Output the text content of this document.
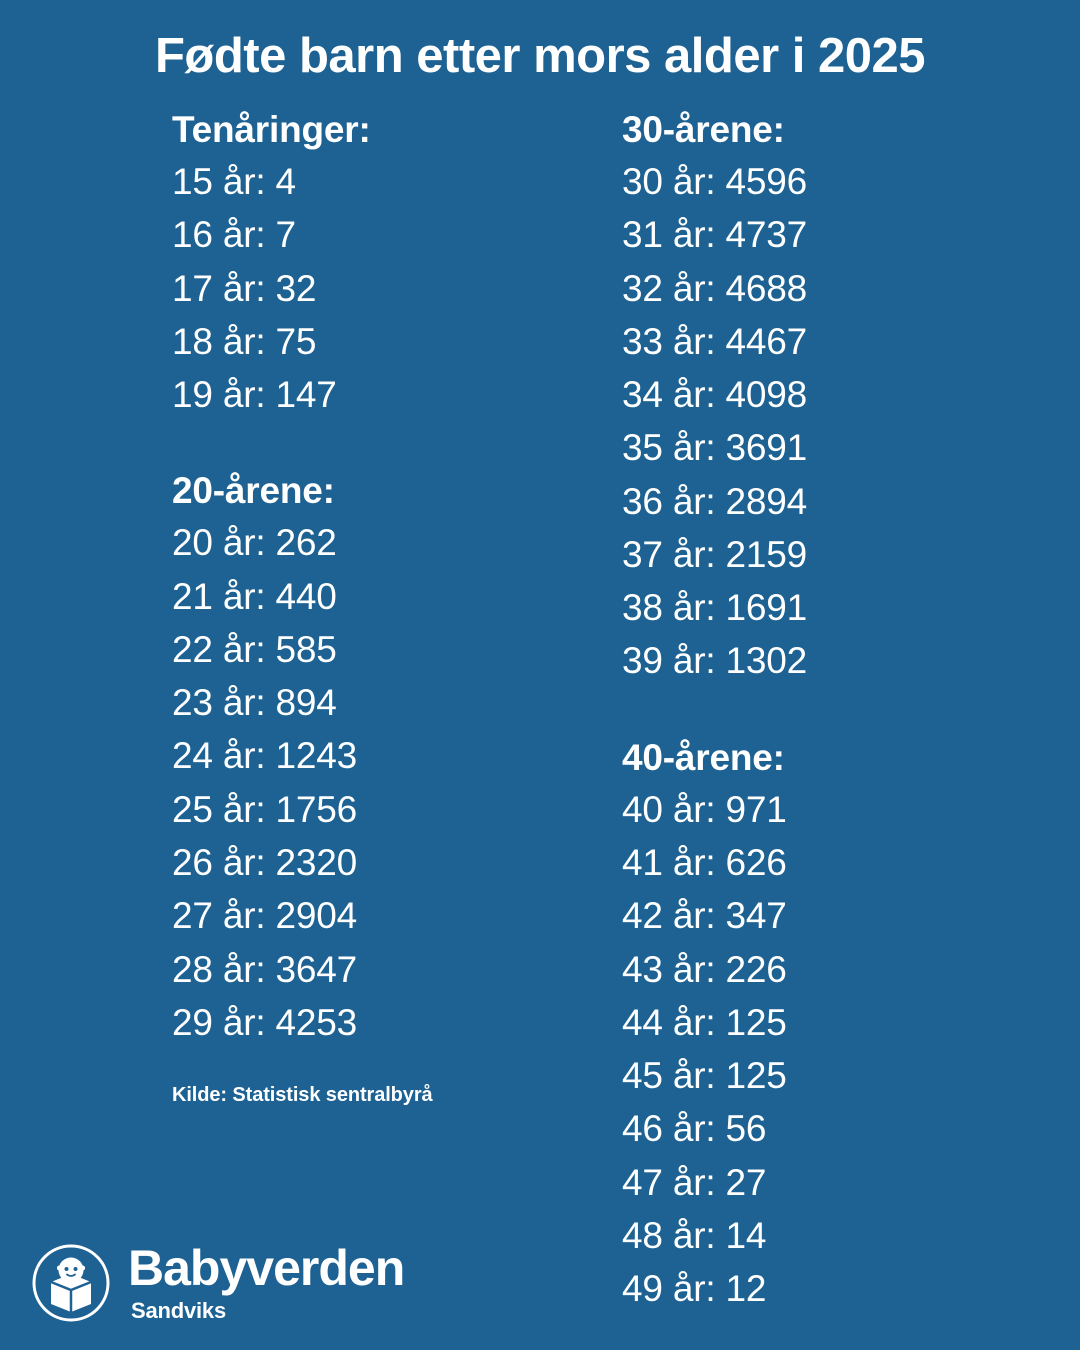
Fødte barn etter mors alder i 2025
Tenåringer:
15 år: 4
16 år: 7
17 år: 32
18 år: 75
19 år: 147
20-årene:
20 år: 262
21 år: 440
22 år: 585
23 år: 894
24 år: 1243
25 år: 1756
26 år: 2320
27 år: 2904
28 år: 3647
29 år: 4253
30-årene:
30 år: 4596
31 år: 4737
32 år: 4688
33 år: 4467
34 år: 4098
35 år: 3691
36 år: 2894
37 år: 2159
38 år: 1691
39 år: 1302
40-årene:
40 år: 971
41 år: 626
42 år: 347
43 år: 226
44 år: 125
45 år: 125
46 år: 56
47 år: 27
48 år: 14
49 år: 12
Kilde: Statistisk sentralbyrå
Babyverden
Sandviks
